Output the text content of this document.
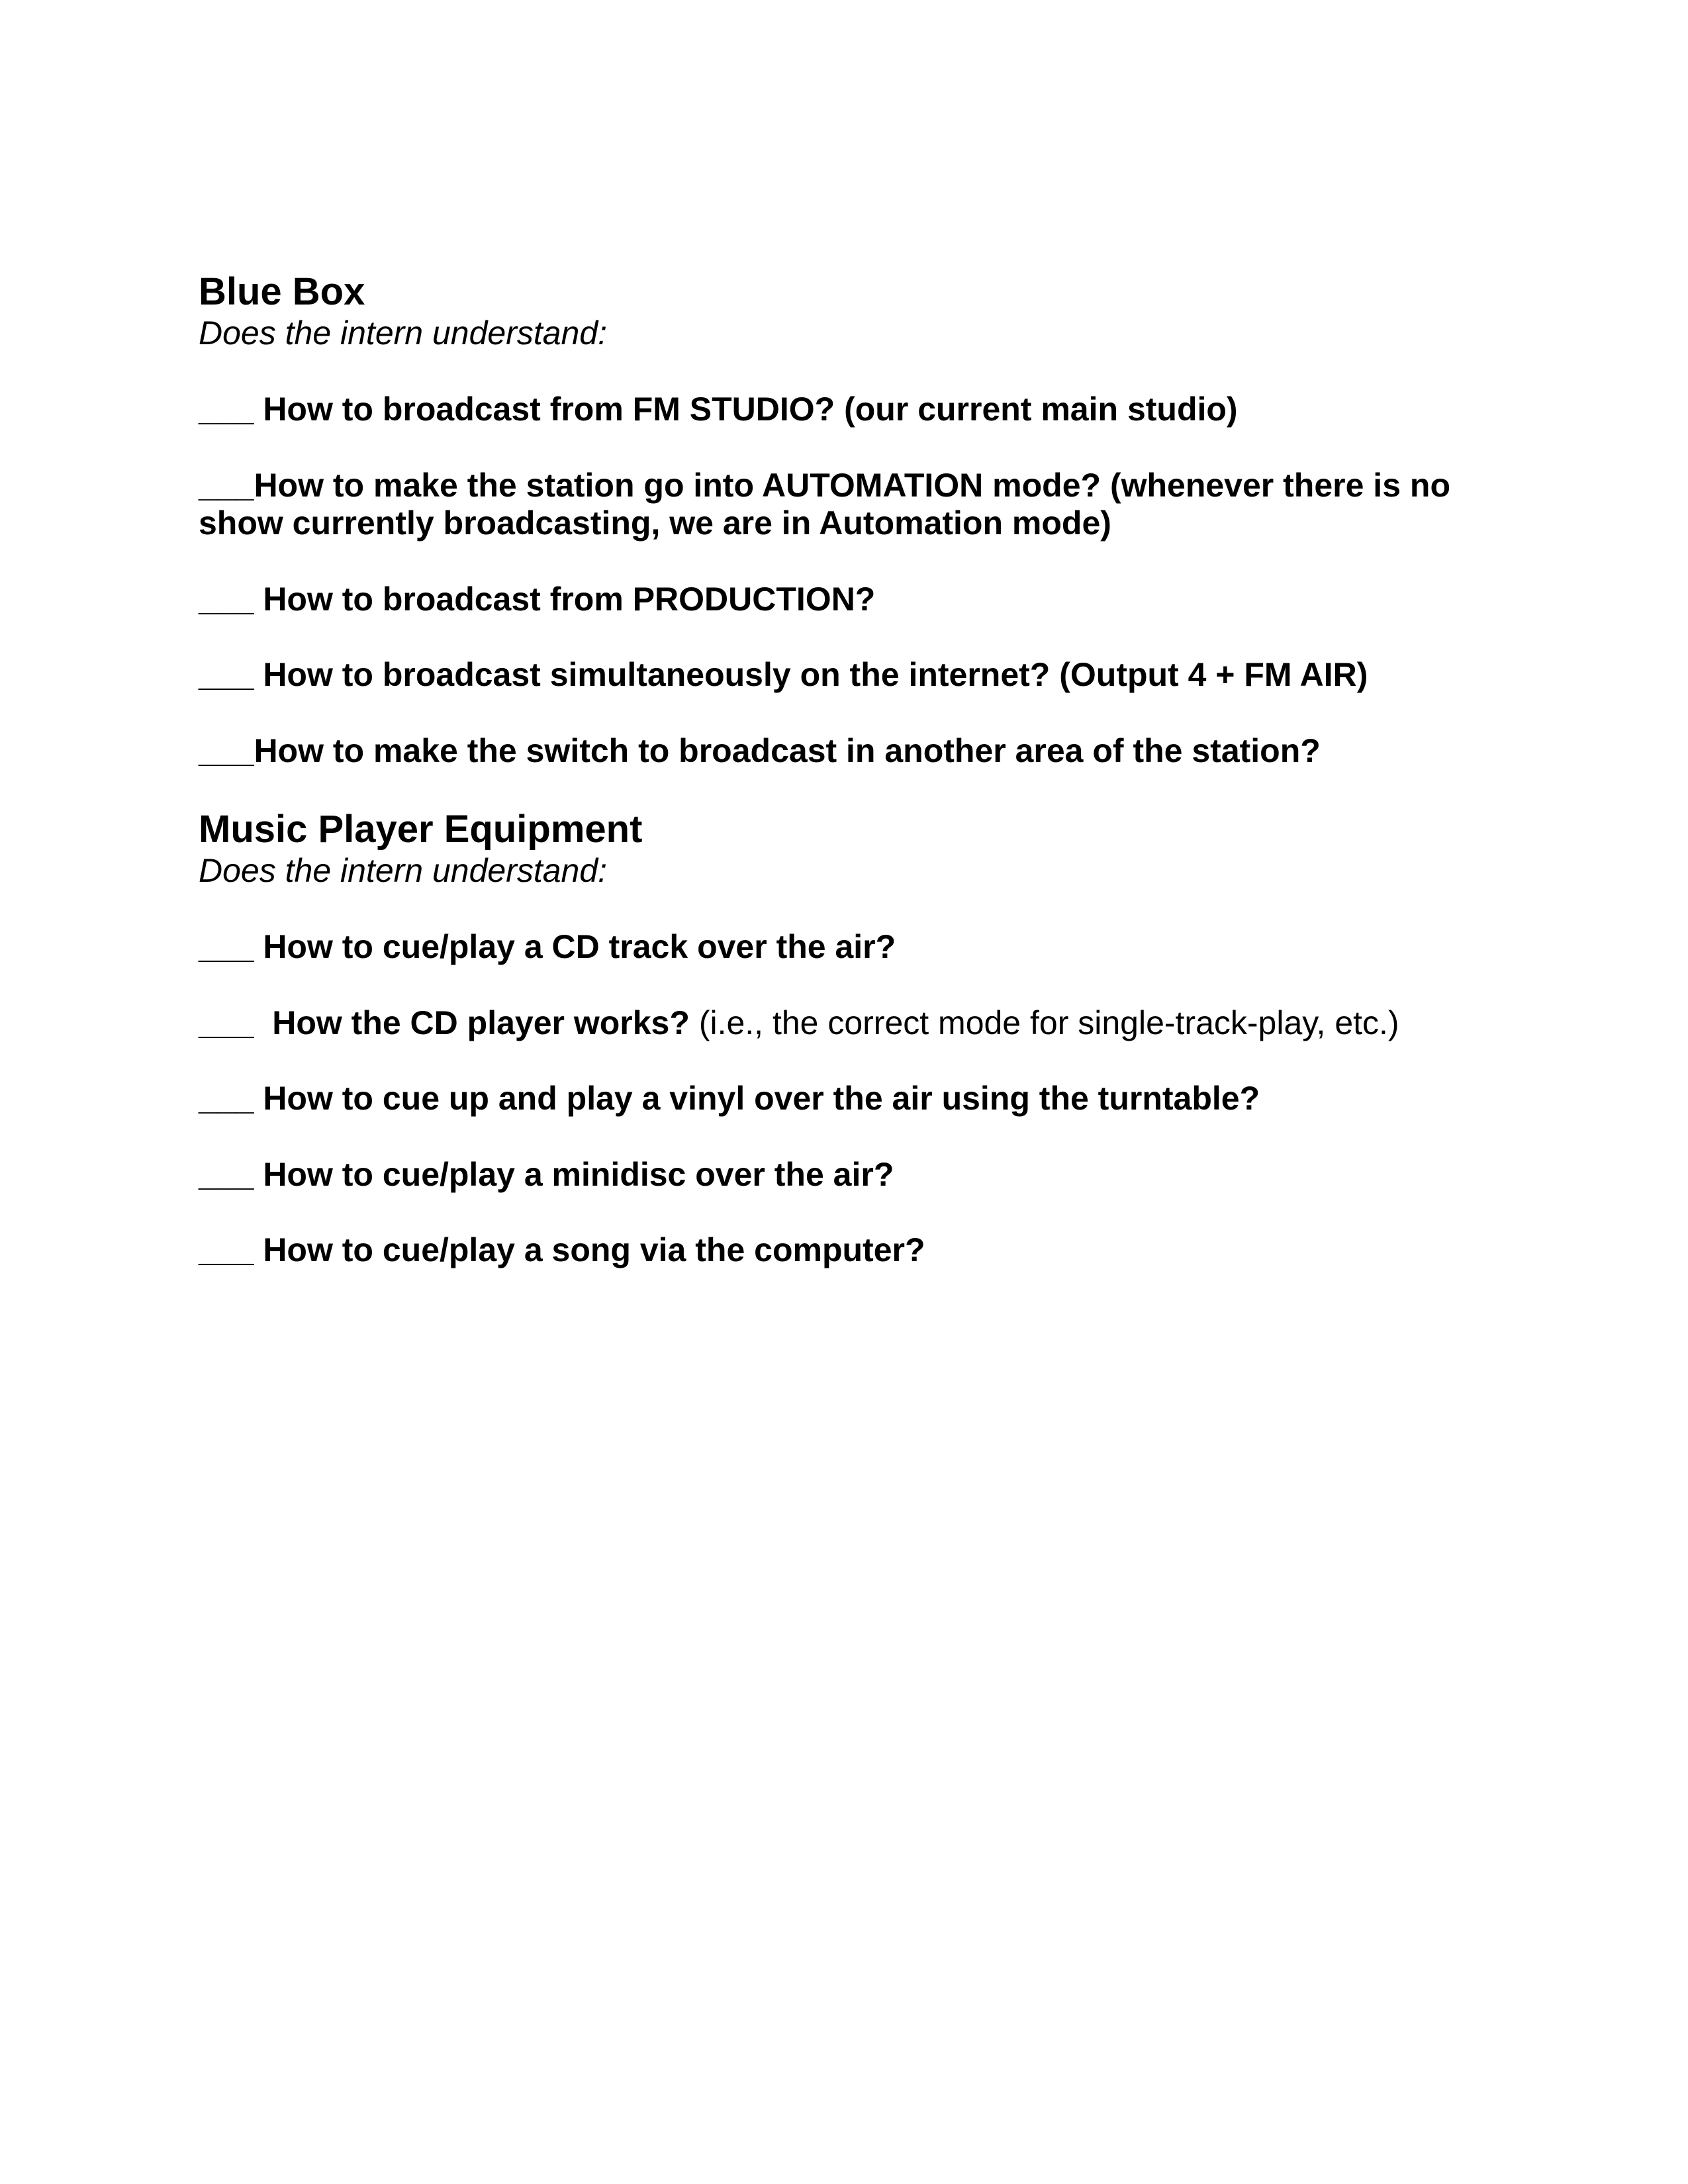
Blue Box

Does the intern understand:

___ How to broadcast from FM STUDIO? (our current main studio)

___How to make the station go into AUTOMATION mode? (whenever there is no show currently broadcasting, we are in Automation mode)

___ How to broadcast from PRODUCTION?

___ How to broadcast simultaneously on the internet? (Output 4 + FM AIR)

___How to make the switch to broadcast in another area of the station?

Music Player Equipment

Does the intern understand:

___ How to cue/play a CD track over the air?

___  How the CD player works? (i.e., the correct mode for single-track-play, etc.)

___ How to cue up and play a vinyl over the air using the turntable?

___ How to cue/play a minidisc over the air?

___ How to cue/play a song via the computer?
